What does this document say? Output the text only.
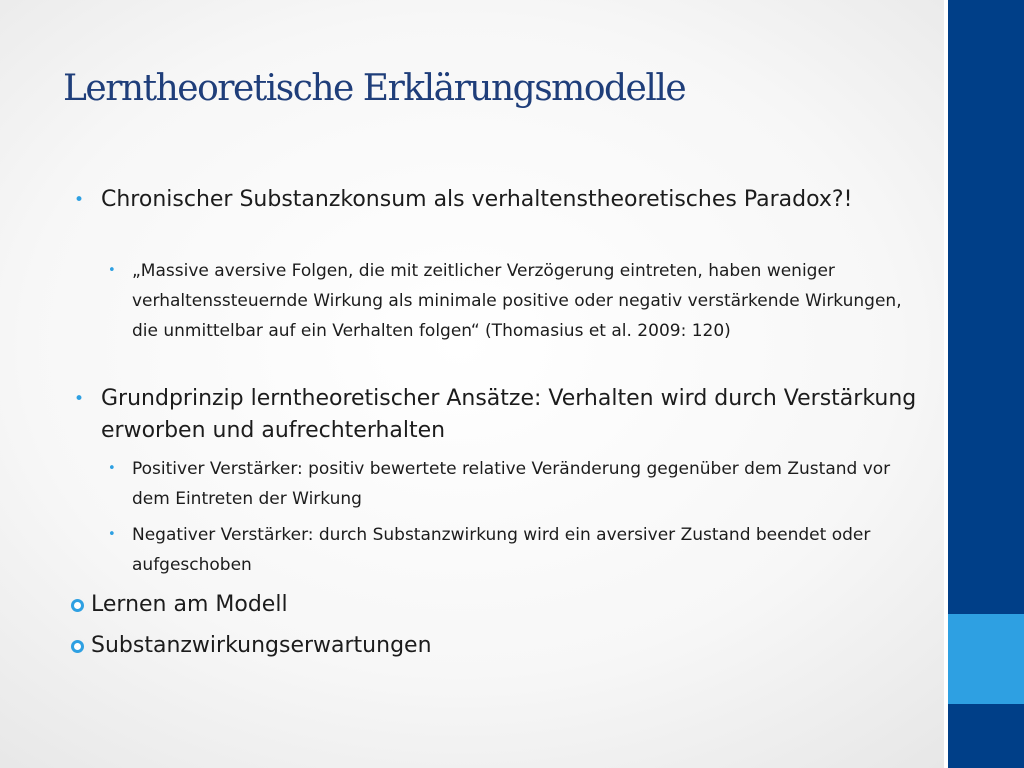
Lerntheoretische Erklärungsmodelle

• Chronischer Substanzkonsum als verhaltenstheoretisches Paradox?!

• „Massive aversive Folgen, die mit zeitlicher Verzögerung eintreten, haben weniger verhaltenssteuernde Wirkung als minimale positive oder negativ verstärkende Wirkungen, die unmittelbar auf ein Verhalten folgen“ (Thomasius et al. 2009: 120)

• Grundprinzip lerntheoretischer Ansätze: Verhalten wird durch Verstärkung erworben und aufrechterhalten

• Positiver Verstärker: positiv bewertete relative Veränderung gegenüber dem Zustand vor dem Eintreten der Wirkung

• Negativer Verstärker: durch Substanzwirkung wird ein aversiver Zustand beendet oder aufgeschoben

Lernen am Modell

Substanzwirkungserwartungen
